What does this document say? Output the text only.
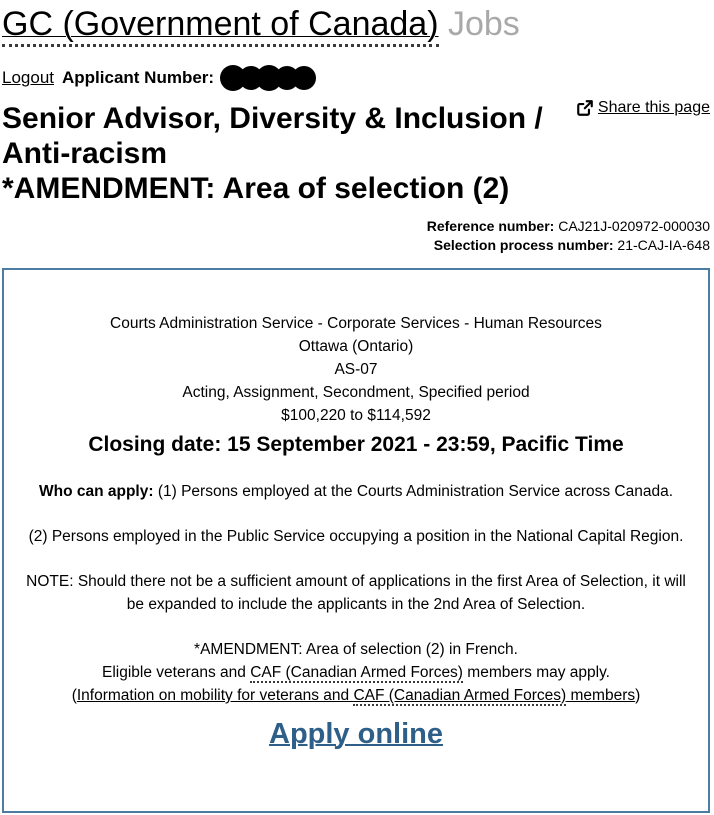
GC (Government of Canada) Jobs
Logout Applicant Number:
Share this page
Senior Advisor, Diversity & Inclusion / Anti-racism
*AMENDMENT: Area of selection (2)
Reference number: CAJ21J-020972-000030
Selection process number: 21-CAJ-IA-648
Courts Administration Service - Corporate Services - Human Resources
Ottawa (Ontario)
AS-07
Acting, Assignment, Secondment, Specified period
$100,220 to $114,592
Closing date: 15 September 2021 - 23:59, Pacific Time

Who can apply: (1) Persons employed at the Courts Administration Service across Canada.

(2) Persons employed in the Public Service occupying a position in the National Capital Region.

NOTE: Should there not be a sufficient amount of applications in the first Area of Selection, it will be expanded to include the applicants in the 2nd Area of Selection.

*AMENDMENT: Area of selection (2) in French.
Eligible veterans and CAF (Canadian Armed Forces) members may apply.
(Information on mobility for veterans and CAF (Canadian Armed Forces) members)

Apply online
